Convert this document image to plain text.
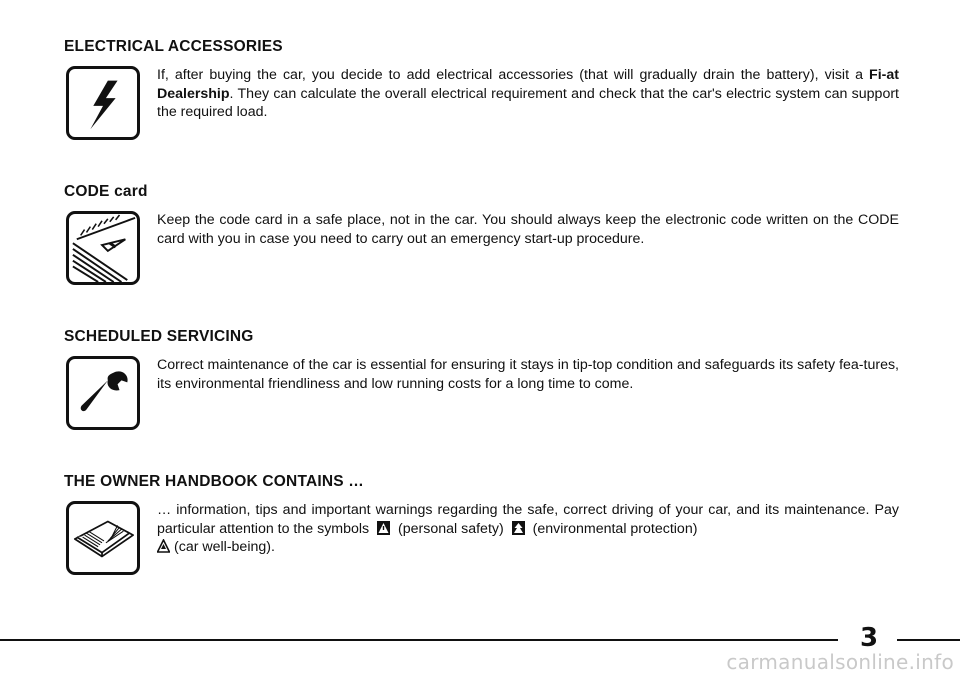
ELECTRICAL ACCESSORIES

If, after buying the car, you decide to add electrical accessories (that will gradually drain the battery), visit a Fi-at Dealership. They can calculate the overall electrical requirement and check that the car's electric system can support the required load.

CODE card

Keep the code card in a safe place, not in the car. You should always keep the electronic code written on the CODE card with you in case you need to carry out an emergency start-up procedure.

SCHEDULED SERVICING

Correct maintenance of the car is essential for ensuring it stays in tip-top condition and safeguards its safety fea-tures, its environmental friendliness and low running costs for a long time to come.

THE OWNER HANDBOOK CONTAINS …

… information, tips and important warnings regarding the safe, correct driving of your car, and its maintenance. Pay particular attention to the symbols (personal safety) (environmental protection)
(car well-being).

3
carmanualsonline.info
